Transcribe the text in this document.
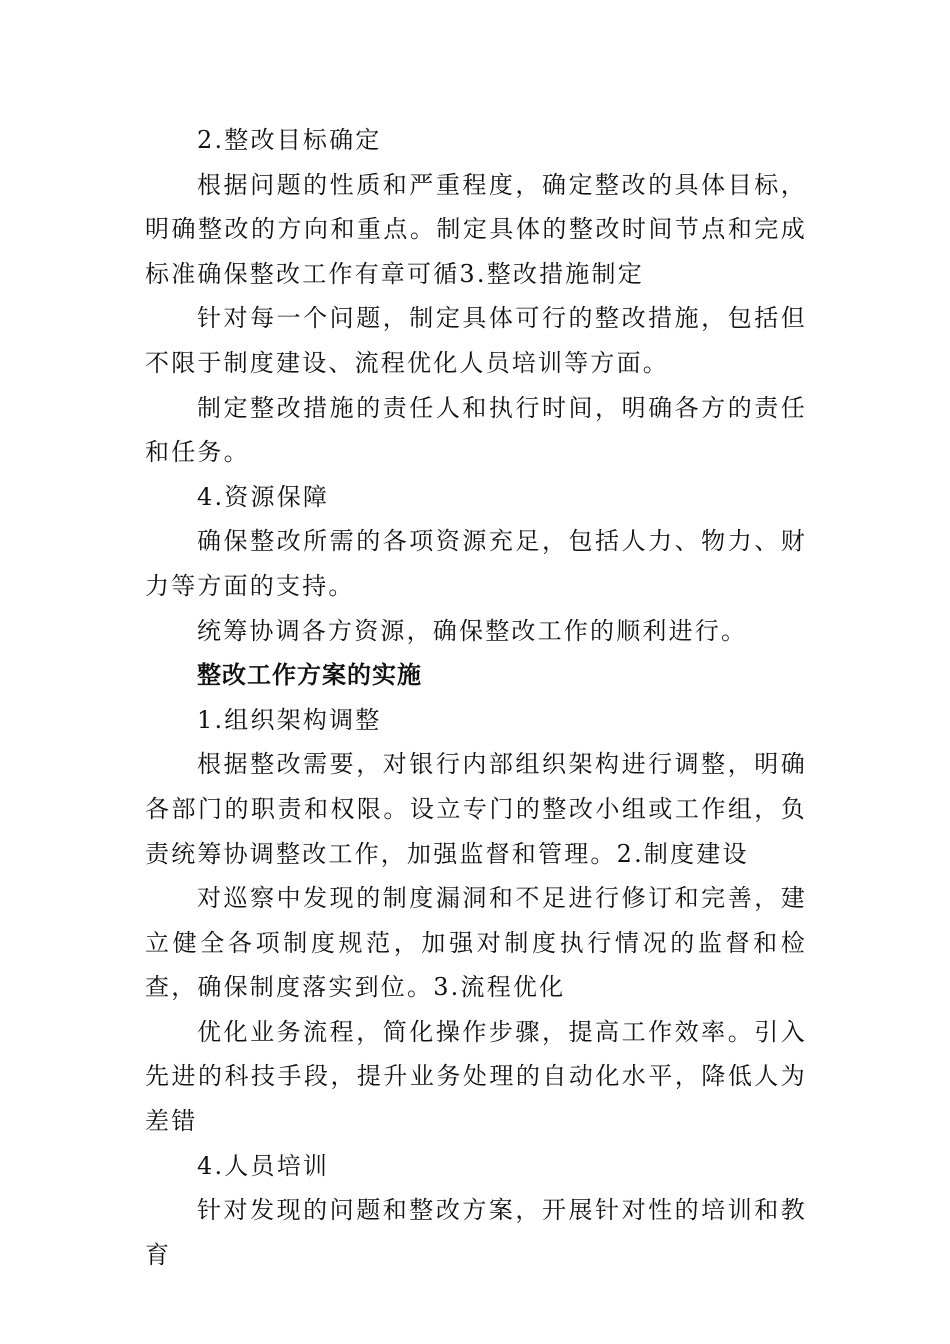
2.整改目标确定

根据问题的性质和严重程度，确定整改的具体目标，明确整改的方向和重点。制定具体的整改时间节点和完成标准确保整改工作有章可循3.整改措施制定

针对每一个问题，制定具体可行的整改措施，包括但不限于制度建设、流程优化人员培训等方面。

制定整改措施的责任人和执行时间，明确各方的责任和任务。

4.资源保障

确保整改所需的各项资源充足，包括人力、物力、财力等方面的支持。

统筹协调各方资源，确保整改工作的顺利进行。

整改工作方案的实施

1.组织架构调整

根据整改需要，对银行内部组织架构进行调整，明确各部门的职责和权限。设立专门的整改小组或工作组，负责统筹协调整改工作，加强监督和管理。2.制度建设

对巡察中发现的制度漏洞和不足进行修订和完善，建立健全各项制度规范，加强对制度执行情况的监督和检查，确保制度落实到位。3.流程优化

优化业务流程，简化操作步骤，提高工作效率。引入先进的科技手段，提升业务处理的自动化水平，降低人为差错

4.人员培训

针对发现的问题和整改方案，开展针对性的培训和教育
